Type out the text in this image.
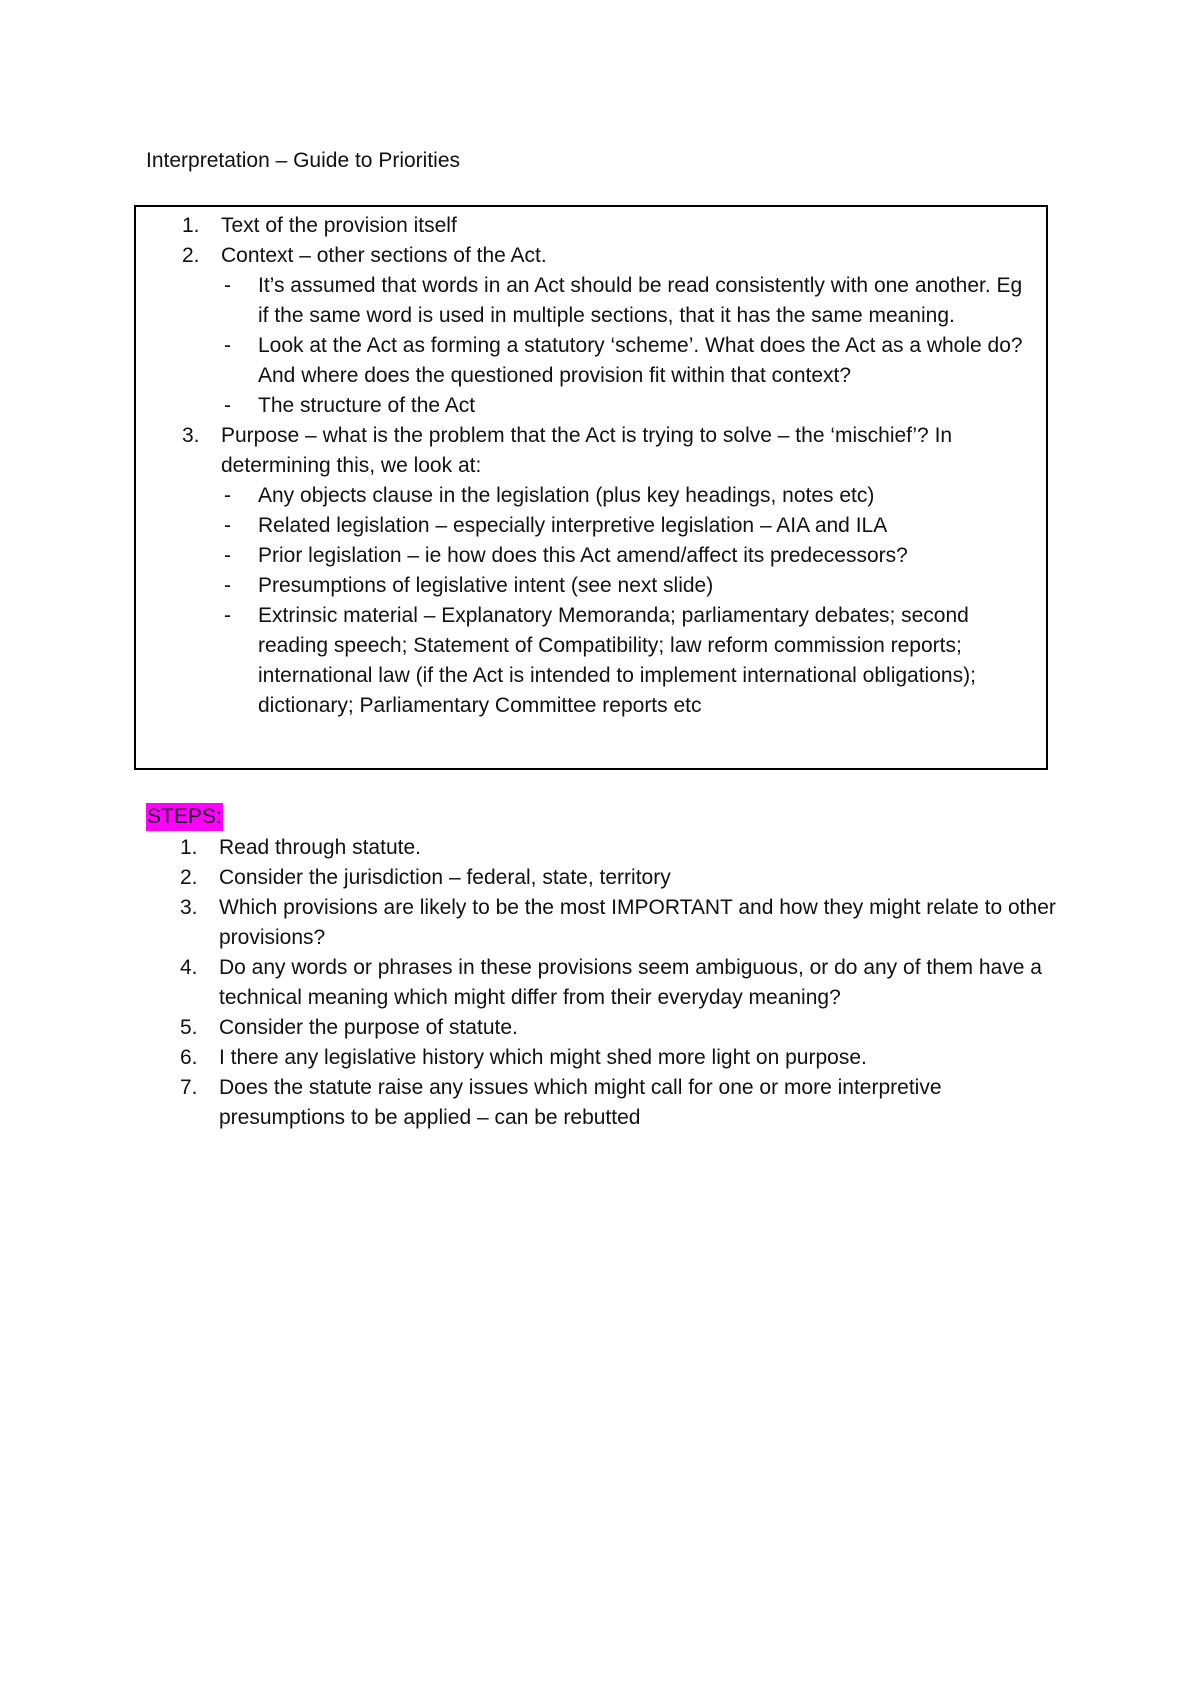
Interpretation – Guide to Priorities
1.	Text of the provision itself
2.	Context – other sections of the Act.
-	It’s assumed that words in an Act should be read consistently with one another. Eg if the same word is used in multiple sections, that it has the same meaning.
-	Look at the Act as forming a statutory ‘scheme’. What does the Act as a whole do? And where does the questioned provision fit within that context?
-	The structure of the Act
3.	Purpose – what is the problem that the Act is trying to solve – the ‘mischief’? In determining this, we look at:
-	Any objects clause in the legislation (plus key headings, notes etc)
-	Related legislation – especially interpretive legislation – AIA and ILA
-	Prior legislation – ie how does this Act amend/affect its predecessors?
-	Presumptions of legislative intent (see next slide)
-	Extrinsic material – Explanatory Memoranda; parliamentary debates; second reading speech; Statement of Compatibility; law reform commission reports; international law (if the Act is intended to implement international obligations); dictionary; Parliamentary Committee reports etc
STEPS:
1.	Read through statute.
2.	Consider the jurisdiction – federal, state, territory
3.	Which provisions are likely to be the most IMPORTANT and how they might relate to other provisions?
4.	Do any words or phrases in these provisions seem ambiguous, or do any of them have a technical meaning which might differ from their everyday meaning?
5.	Consider the purpose of statute.
6.	I there any legislative history which might shed more light on purpose.
7.	Does the statute raise any issues which might call for one or more interpretive presumptions to be applied – can be rebutted
